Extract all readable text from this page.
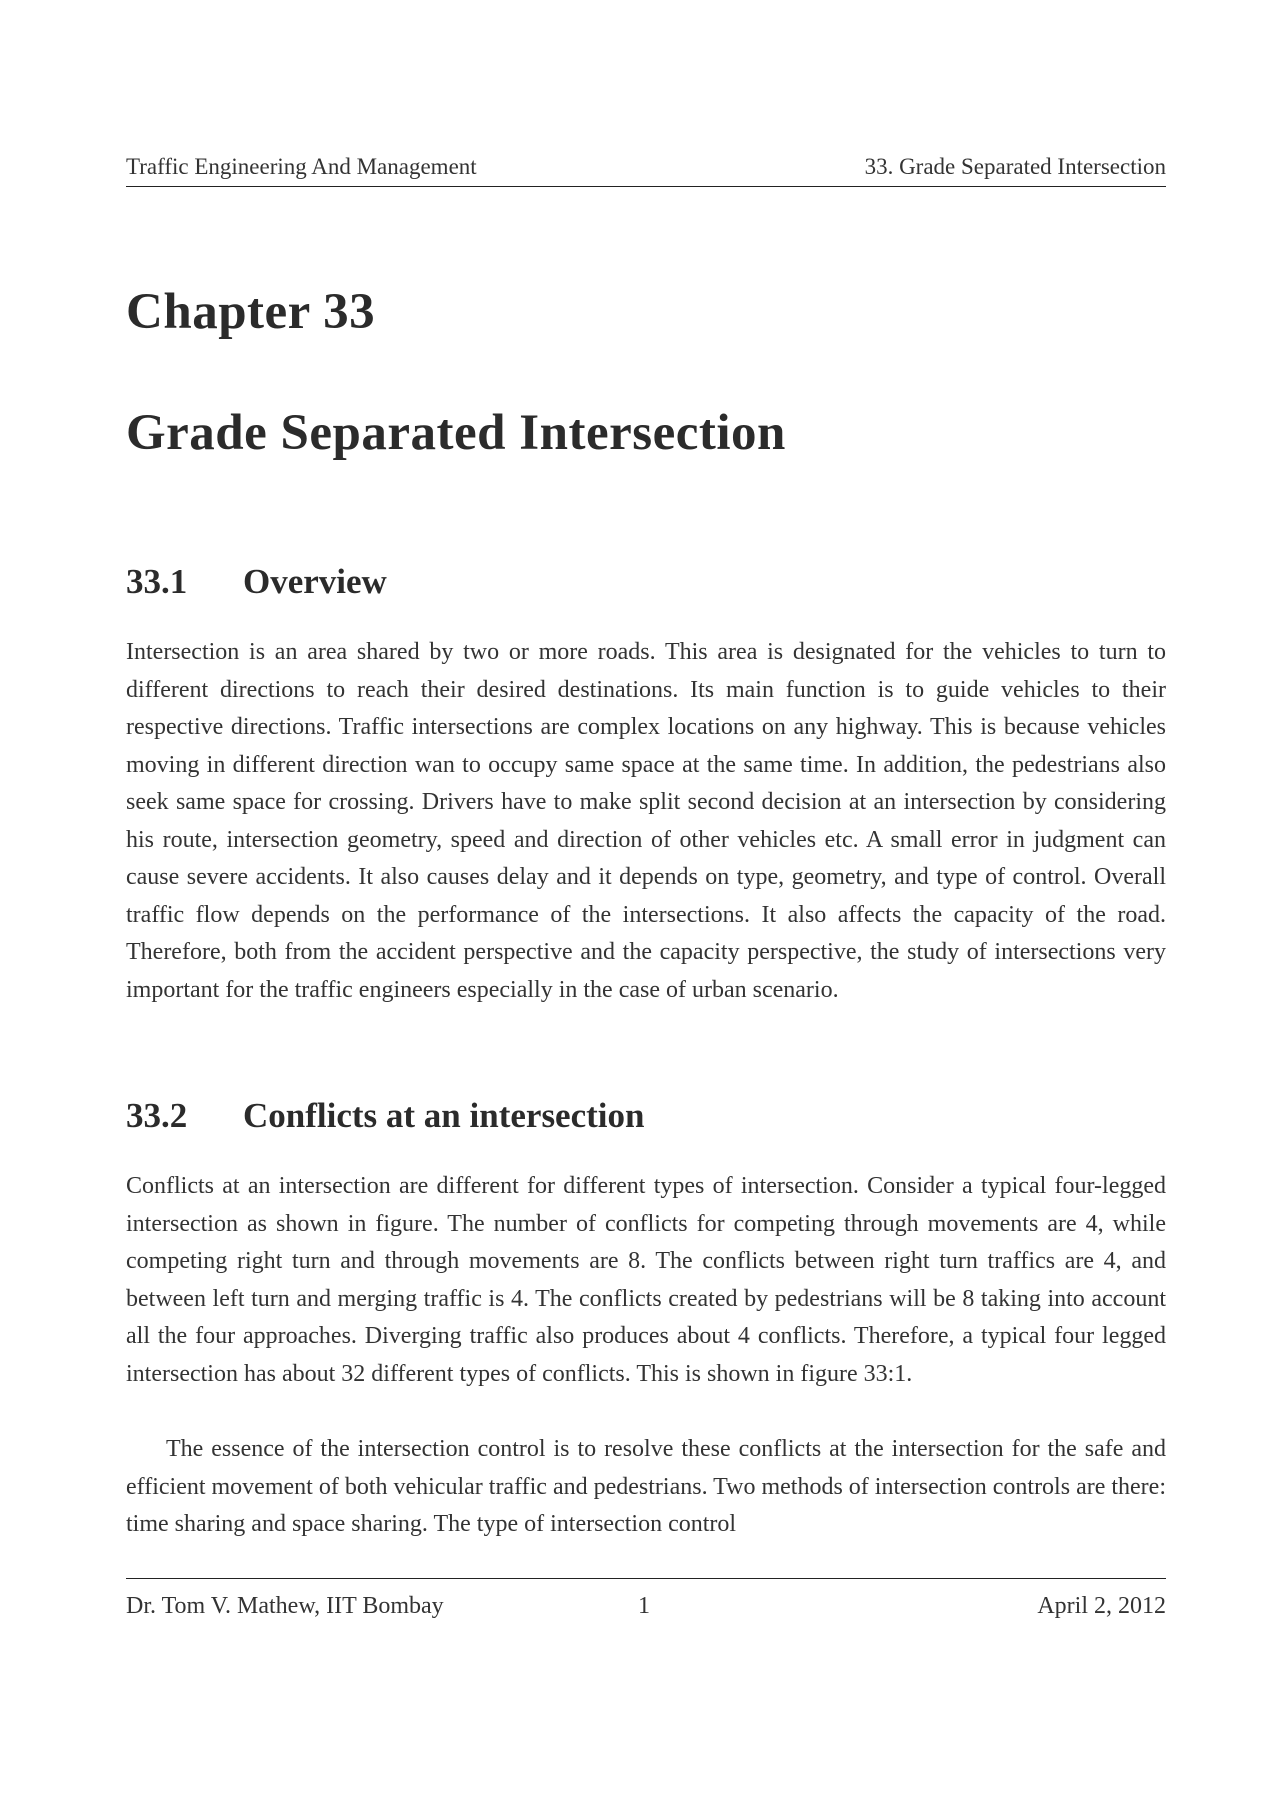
Traffic Engineering And Management	33. Grade Separated Intersection
Chapter 33
Grade Separated Intersection
33.1 Overview

Intersection is an area shared by two or more roads. This area is designated for the vehicles to turn to different directions to reach their desired destinations. Its main function is to guide vehicles to their respective directions. Traffic intersections are complex locations on any highway. This is because vehicles moving in different direction wan to occupy same space at the same time. In addition, the pedestrians also seek same space for crossing. Drivers have to make split second decision at an intersection by considering his route, intersection geometry, speed and direction of other vehicles etc. A small error in judgment can cause severe accidents. It also causes delay and it depends on type, geometry, and type of control. Overall traffic flow depends on the performance of the intersections. It also affects the capacity of the road. Therefore, both from the accident perspective and the capacity perspective, the study of intersections very important for the traffic engineers especially in the case of urban scenario.

33.2 Conflicts at an intersection

Conflicts at an intersection are different for different types of intersection. Consider a typical four-legged intersection as shown in figure. The number of conflicts for competing through movements are 4, while competing right turn and through movements are 8. The conflicts between right turn traffics are 4, and between left turn and merging traffic is 4. The conflicts created by pedestrians will be 8 taking into account all the four approaches. Diverging traffic also produces about 4 conflicts. Therefore, a typical four legged intersection has about 32 different types of conflicts. This is shown in figure 33:1.

The essence of the intersection control is to resolve these conflicts at the intersection for the safe and efficient movement of both vehicular traffic and pedestrians. Two methods of intersection controls are there: time sharing and space sharing. The type of intersection control

Dr. Tom V. Mathew, IIT Bombay	1	April 2, 2012
